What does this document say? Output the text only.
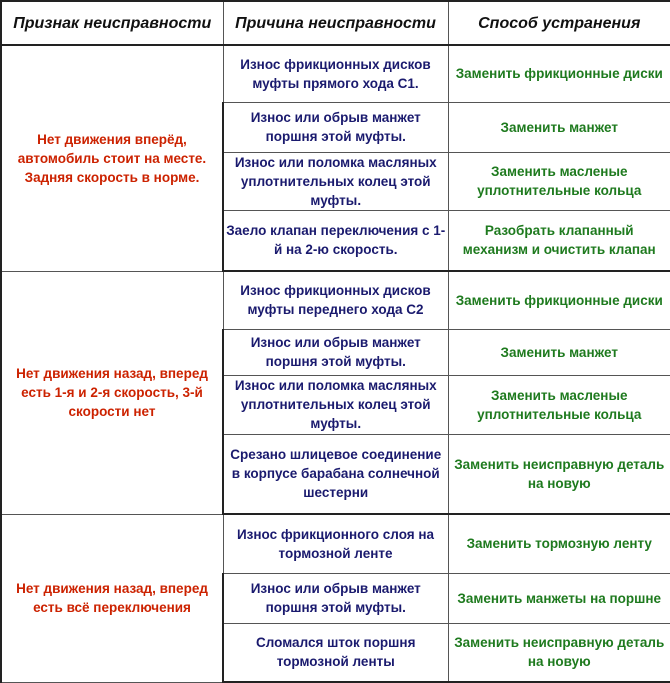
Признак неисправности	Причина неисправности	Способ устранения
Нет движения вперёд, автомобиль стоит на месте. Задняя скорость в норме.	Износ фрикционных дисков муфты прямого хода С1.	Заменить фрикционные диски
	Износ или обрыв манжет поршня этой муфты.	Заменить манжет
	Износ или поломка масляных уплотнительных колец этой муфты.	Заменить масленые уплотнительные кольца
	Заело клапан переключения с 1-й на 2-ю скорость.	Разобрать клапанный механизм и очистить клапан
Нет движения назад, вперед есть 1-я и 2-я скорость, 3-й скорости нет	Износ фрикционных дисков муфты переднего хода С2	Заменить фрикционные диски
	Износ или обрыв манжет поршня этой муфты.	Заменить манжет
	Износ или поломка масляных уплотнительных колец этой муфты.	Заменить масленые уплотнительные кольца
	Срезано шлицевое соединение в корпусе барабана солнечной шестерни	Заменить неисправную деталь на новую
Нет движения назад, вперед есть всё переключения	Износ фрикционного слоя на тормозной ленте	Заменить тормозную ленту
	Износ или обрыв манжет поршня этой муфты.	Заменить манжеты на поршне
	Сломался шток поршня тормозной ленты	Заменить неисправную деталь на новую
